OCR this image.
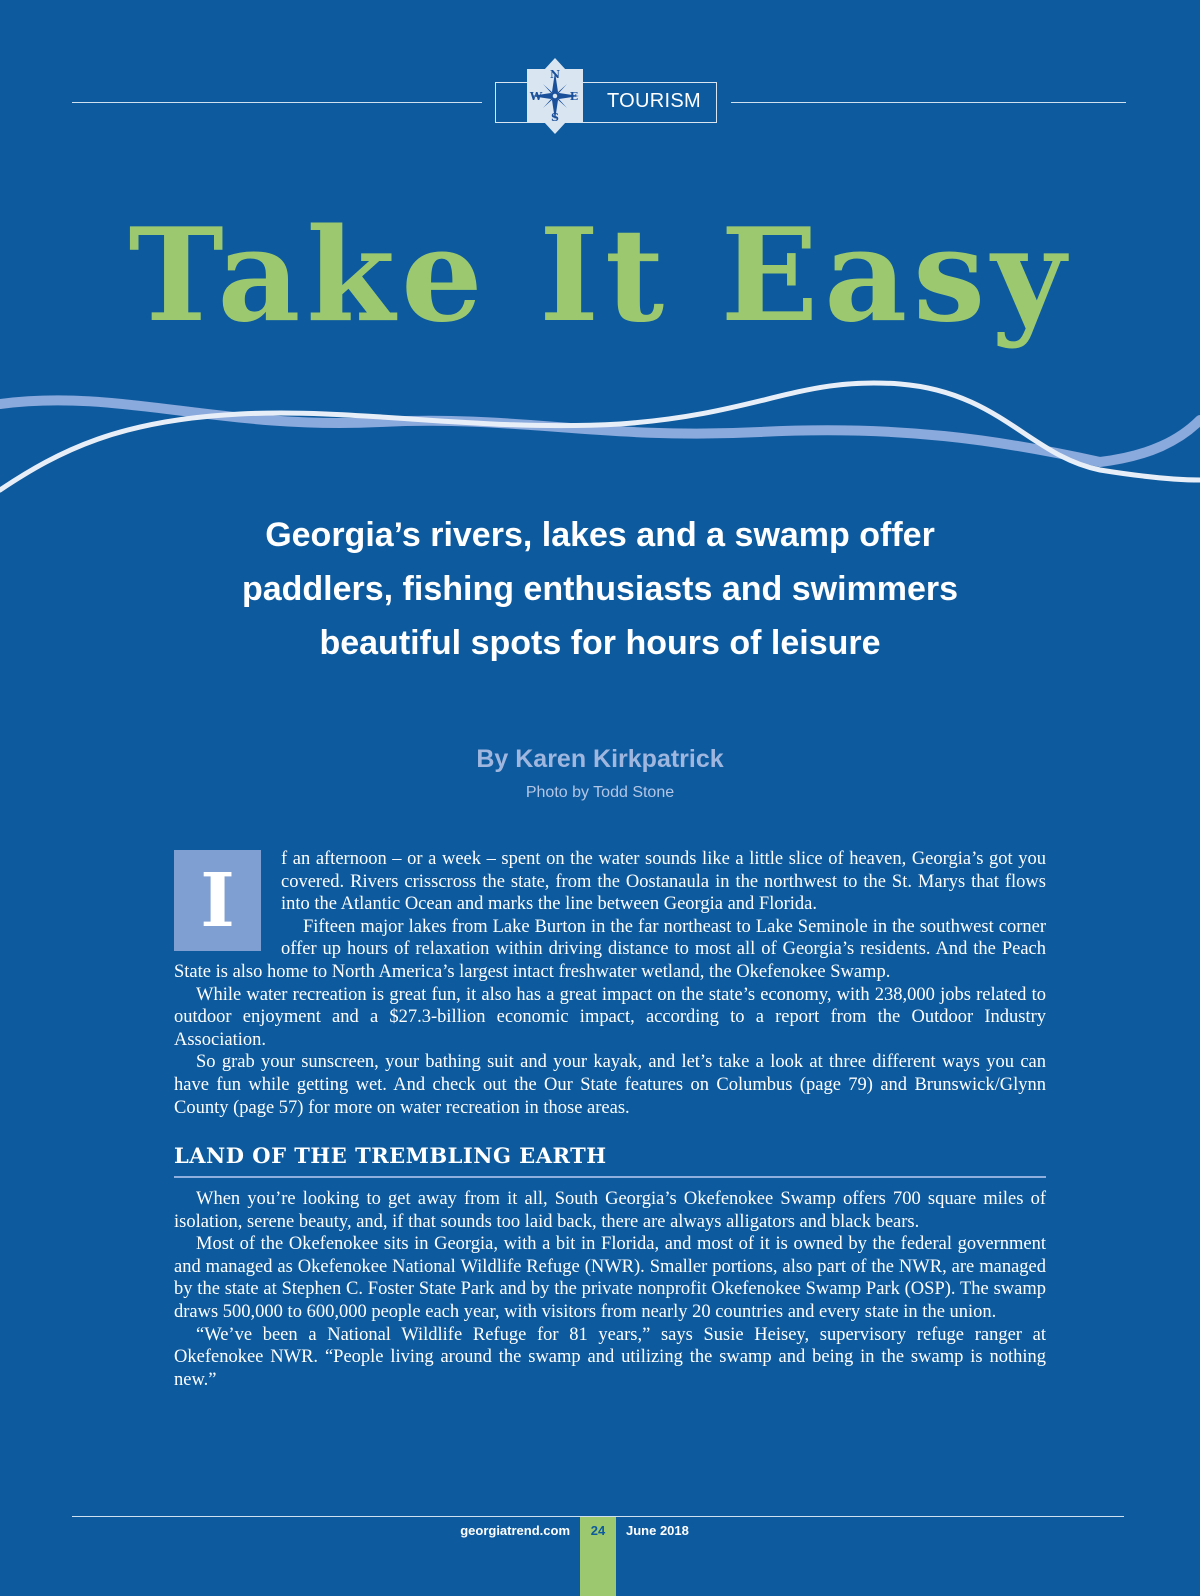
N
S
W	E TOURISM
Take It Easy
Georgia’s rivers, lakes and a swamp offer paddlers, fishing enthusiasts and swimmers beautiful spots for hours of leisure
By Karen Kirkpatrick
Photo by Todd Stone
I	f an afternoon – or a week – spent on the water sounds like a little slice of heaven, Georgia’s got you covered. Rivers crisscross the state, from the Oostanaula in the northwest to the St. Marys that flows into the Atlantic Ocean and marks the line between Georgia and Florida.

Fifteen major lakes from Lake Burton in the far northeast to Lake Seminole in the southwest corner offer up hours of relaxation within driving distance to most all of Georgia’s residents. And the Peach State is also home to North America’s largest intact freshwater wetland, the Okefenokee Swamp.

While water recreation is great fun, it also has a great impact on the state’s economy, with 238,000 jobs related to outdoor enjoyment and a $27.3-billion economic impact, according to a report from the Outdoor Industry Association.

So grab your sunscreen, your bathing suit and your kayak, and let’s take a look at three different ways you can have fun while getting wet. And check out the Our State features on Columbus (page 79) and Brunswick/Glynn County (page 57) for more on water recreation in those areas.

LAND OF THE TREMBLING EARTH

When you’re looking to get away from it all, South Georgia’s Okefenokee Swamp offers 700 square miles of isolation, serene beauty, and, if that sounds too laid back, there are always alligators and black bears.

Most of the Okefenokee sits in Georgia, with a bit in Florida, and most of it is owned by the federal government and managed as Okefenokee National Wildlife Refuge (NWR). Smaller portions, also part of the NWR, are managed by the state at Stephen C. Foster State Park and by the private nonprofit Okefenokee Swamp Park (OSP). The swamp draws 500,000 to 600,000 people each year, with visitors from nearly 20 countries and every state in the union.

“We’ve been a National Wildlife Refuge for 81 years,” says Susie Heisey, supervisory refuge ranger at Okefenokee NWR. “People living around the swamp and utilizing the swamp and being in the swamp is nothing new.”

georgiatrend.com	24	June 2018
